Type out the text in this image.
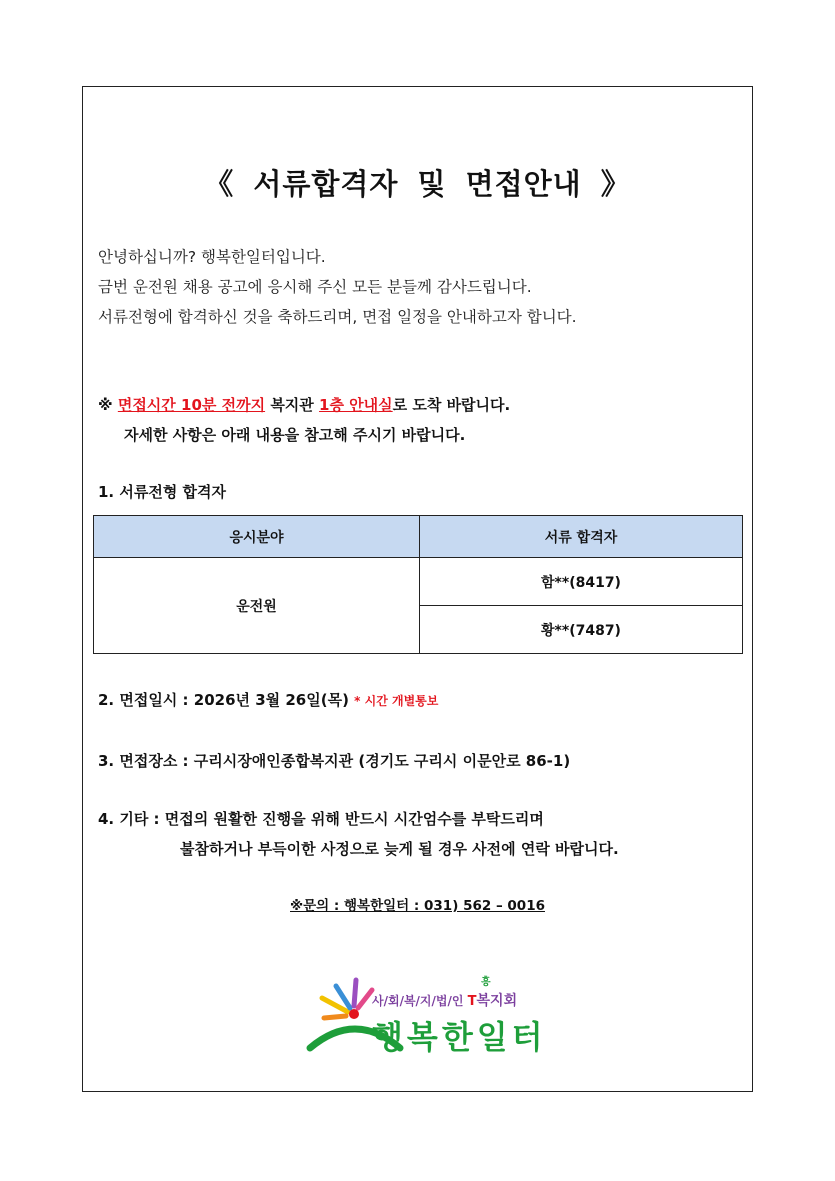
《 서류합격자 및 면접안내 》
안녕하십니까? 행복한일터입니다.
금번 운전원 채용 공고에 응시해 주신 모든 분들께 감사드립니다.
서류전형에 합격하신 것을 축하드리며, 면접 일정을 안내하고자 합니다.
※ 면접시간 10분 전까지 복지관 1층 안내실로 도착 바랍니다.
자세한 사항은 아래 내용을 참고해 주시기 바랍니다.
1. 서류전형 합격자
응시분야	서류 합격자
운전원	함**(8417)
	황**(7487)
2. 면접일시 : 2026년 3월 26일(목) * 시간 개별통보
3. 면접장소 : 구리시장애인종합복지관 (경기도 구리시 이문안로 86-1)
4. 기타 : 면접의 원활한 진행을 위해 반드시 시간엄수를 부탁드리며
불참하거나 부득이한 사정으로 늦게 될 경우 사전에 연락 바랍니다.
※문의 : 행복한일터 : 031) 562 – 0016
사/회/복/지/법/인 T복지회
흥
행복한일터
